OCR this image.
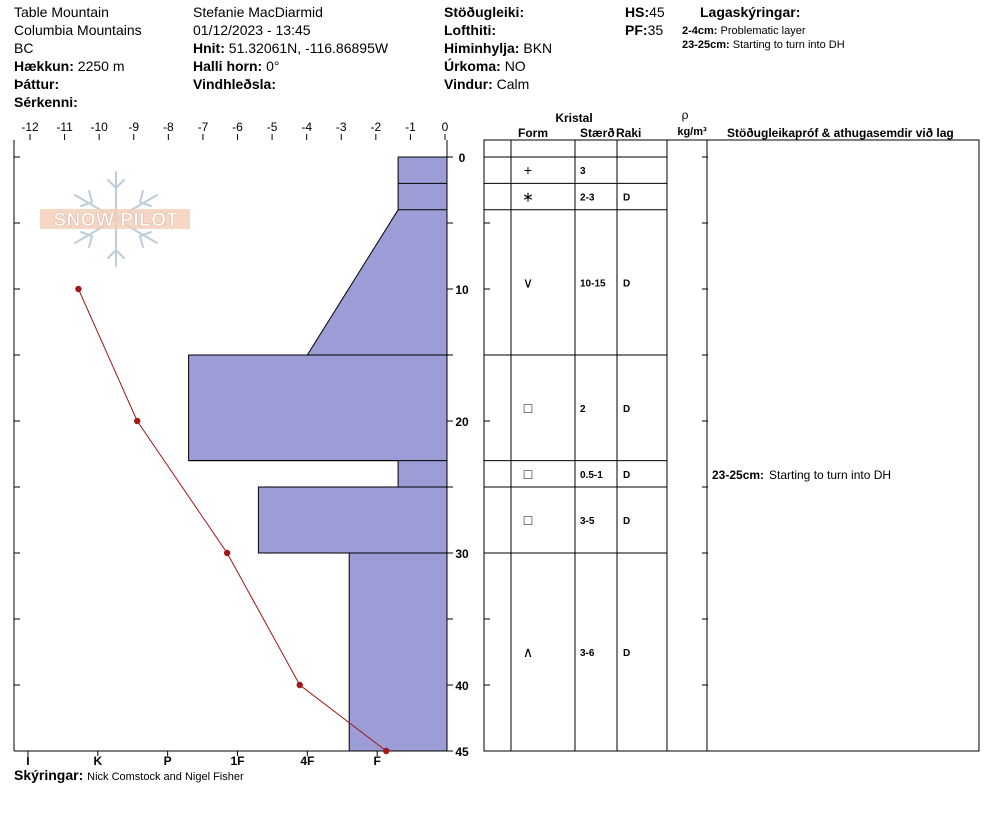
Table Mountain
Columbia Mountains
BC
Hækkun: 2250 m
Þáttur:
Sérkenni:
Stefanie MacDiarmid
01/12/2023 - 13:45
Hnit: 51.32061N, -116.86895W
Halli horn: 0°
Vindhleðsla:
Stöðugleiki:
Lofthiti:
Himinhylja: BKN
Úrkoma: NO
Vindur: Calm
HS:45
PF:35
Lagaskýringar:
2-4cm: Problematic layer
23-25cm: Starting to turn into DH
Skýringar: Nick Comstock and Nigel Fisher
SNOW PILOT
-12 -11 -10 -9 -8 -7 -6 -5 -4 -3 -2 -1 0
0
10
20
30
40
45
I	K	P	1F	4F	F
Kristal
Form	Stærð Raki
ρ
kg/m³ Stöðugleikapróf & athugasemdir við lag
+	3
∗	2-3	D
∨	10-15 D
□	2	D
□	0.5-1 D
□	3-5	D
∧	3-6	D
23-25cm: Starting to turn into DH
